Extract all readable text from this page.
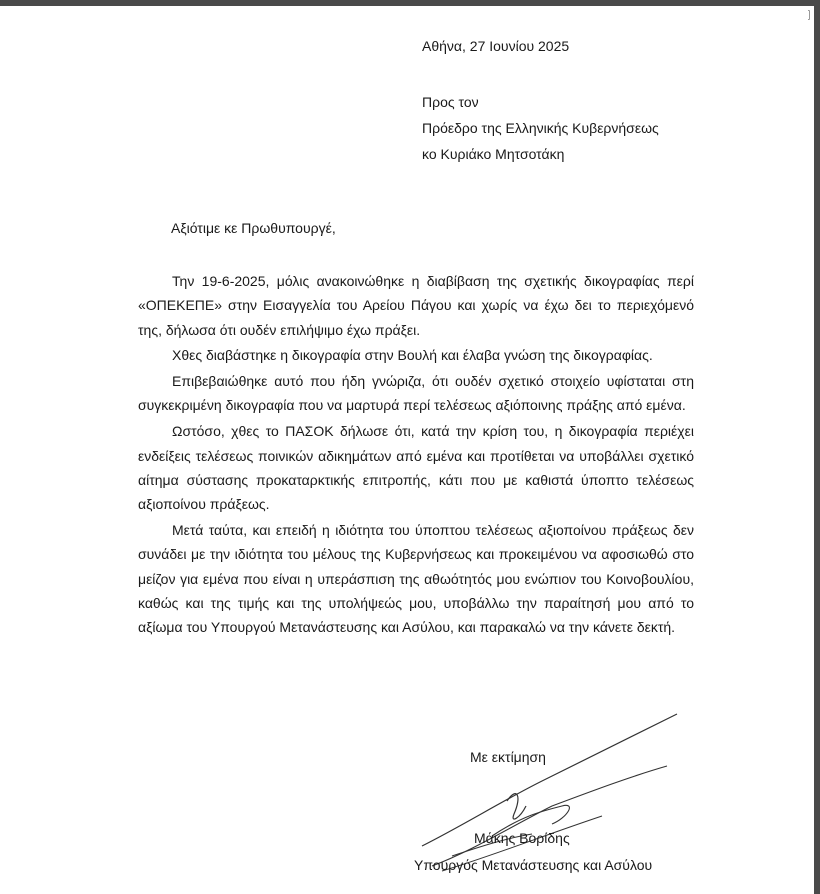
Αθήνα, 27 Ιουνίου 2025
Προς τον
Πρόεδρο της Ελληνικής Κυβερνήσεως
κο Κυριάκο Μητσοτάκη
Αξιότιμε κε Πρωθυπουργέ,

Την 19-6-2025, μόλις ανακοινώθηκε η διαβίβαση της σχετικής δικογραφίας περί «ΟΠΕΚΕΠΕ» στην Εισαγγελία του Αρείου Πάγου και χωρίς να έχω δει το περιεχόμενό της, δήλωσα ότι ουδέν επιλήψιμο έχω πράξει.

Χθες διαβάστηκε η δικογραφία στην Βουλή και έλαβα γνώση της δικογραφίας.

Επιβεβαιώθηκε αυτό που ήδη γνώριζα, ότι ουδέν σχετικό στοιχείο υφίσταται στη συγκεκριμένη δικογραφία που να μαρτυρά περί τελέσεως αξιόποινης πράξης από εμένα.

Ωστόσο, χθες το ΠΑΣΟΚ δήλωσε ότι, κατά την κρίση του, η δικογραφία περιέχει ενδείξεις τελέσεως ποινικών αδικημάτων από εμένα και προτίθεται να υποβάλλει σχετικό αίτημα σύστασης προκαταρκτικής επιτροπής, κάτι που με καθιστά ύποπτο τελέσεως αξιοποίνου πράξεως.

Μετά ταύτα, και επειδή η ιδιότητα του ύποπτου τελέσεως αξιοποίνου πράξεως δεν συνάδει με την ιδιότητα του μέλους της Κυβερνήσεως και προκειμένου να αφοσιωθώ στο μείζον για εμένα που είναι η υπεράσπιση της αθωότητός μου ενώπιον του Κοινοβουλίου, καθώς και της τιμής και της υπολήψεώς μου, υποβάλλω την παραίτησή μου από το αξίωμα του Υπουργού Μετανάστευσης και Ασύλου, και παρακαλώ να την κάνετε δεκτή.

Με εκτίμηση
Μάκης Βορίδης
Υπουργός Μετανάστευσης και Ασύλου
